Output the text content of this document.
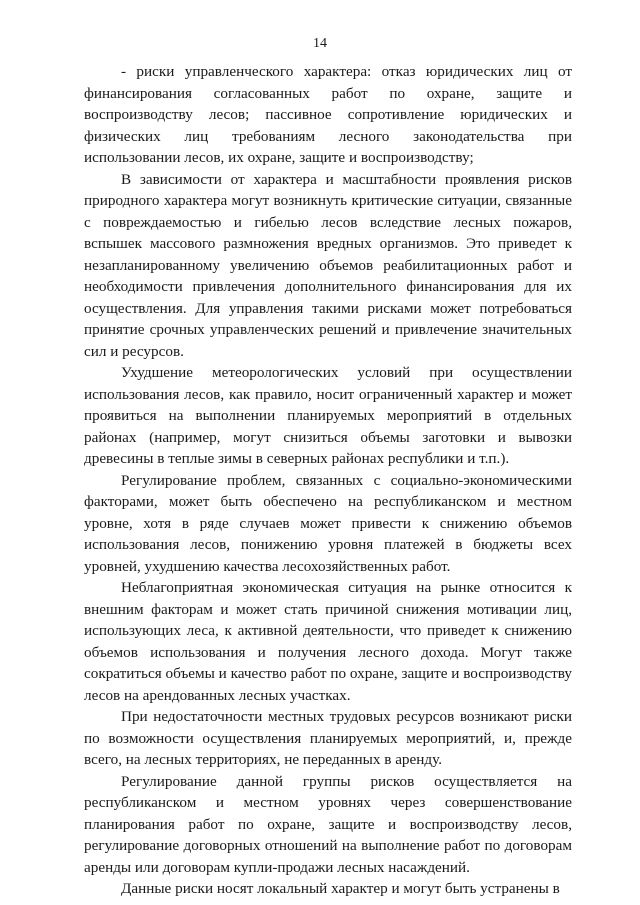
14

- риски управленческого характера: отказ юридических лиц от финансирования согласованных работ по охране, защите и воспроизводству лесов; пассивное сопротивление юридических и физических лиц требованиям лесного законодательства при использовании лесов, их охране, защите и воспроизводству;

В зависимости от характера и масштабности проявления рисков природного характера могут возникнуть критические ситуации, связанные с повреждаемостью и гибелью лесов вследствие лесных пожаров, вспышек массового размножения вредных организмов. Это приведет к незапланированному увеличению объемов реабилитационных работ и необходимости привлечения дополнительного финансирования для их осуществления. Для управления такими рисками может потребоваться принятие срочных управленческих решений и привлечение значительных сил и ресурсов.

Ухудшение метеорологических условий при осуществлении использования лесов, как правило, носит ограниченный характер и может проявиться на выполнении планируемых мероприятий в отдельных районах (например, могут снизиться объемы заготовки и вывозки древесины в теплые зимы в северных районах республики и т.п.).

Регулирование проблем, связанных с социально-экономическими факторами, может быть обеспечено на республиканском и местном уровне, хотя в ряде случаев может привести к снижению объемов использования лесов, понижению уровня платежей в бюджеты всех уровней, ухудшению качества лесохозяйственных работ.

Неблагоприятная экономическая ситуация на рынке относится к внешним факторам и может стать причиной снижения мотивации лиц, использующих леса, к активной деятельности, что приведет к снижению объемов использования и получения лесного дохода. Могут также сократиться объемы и качество работ по охране, защите и воспроизводству лесов на арендованных лесных участках.

При недостаточности местных трудовых ресурсов возникают риски по возможности осуществления планируемых мероприятий, и, прежде всего, на лесных территориях, не переданных в аренду.

Регулирование данной группы рисков осуществляется на республиканском и местном уровнях через совершенствование планирования работ по охране, защите и воспроизводству лесов, регулирование договорных отношений на выполнение работ по договорам аренды или договорам купли-продажи лесных насаждений.

Данные риски носят локальный характер и могут быть устранены в
